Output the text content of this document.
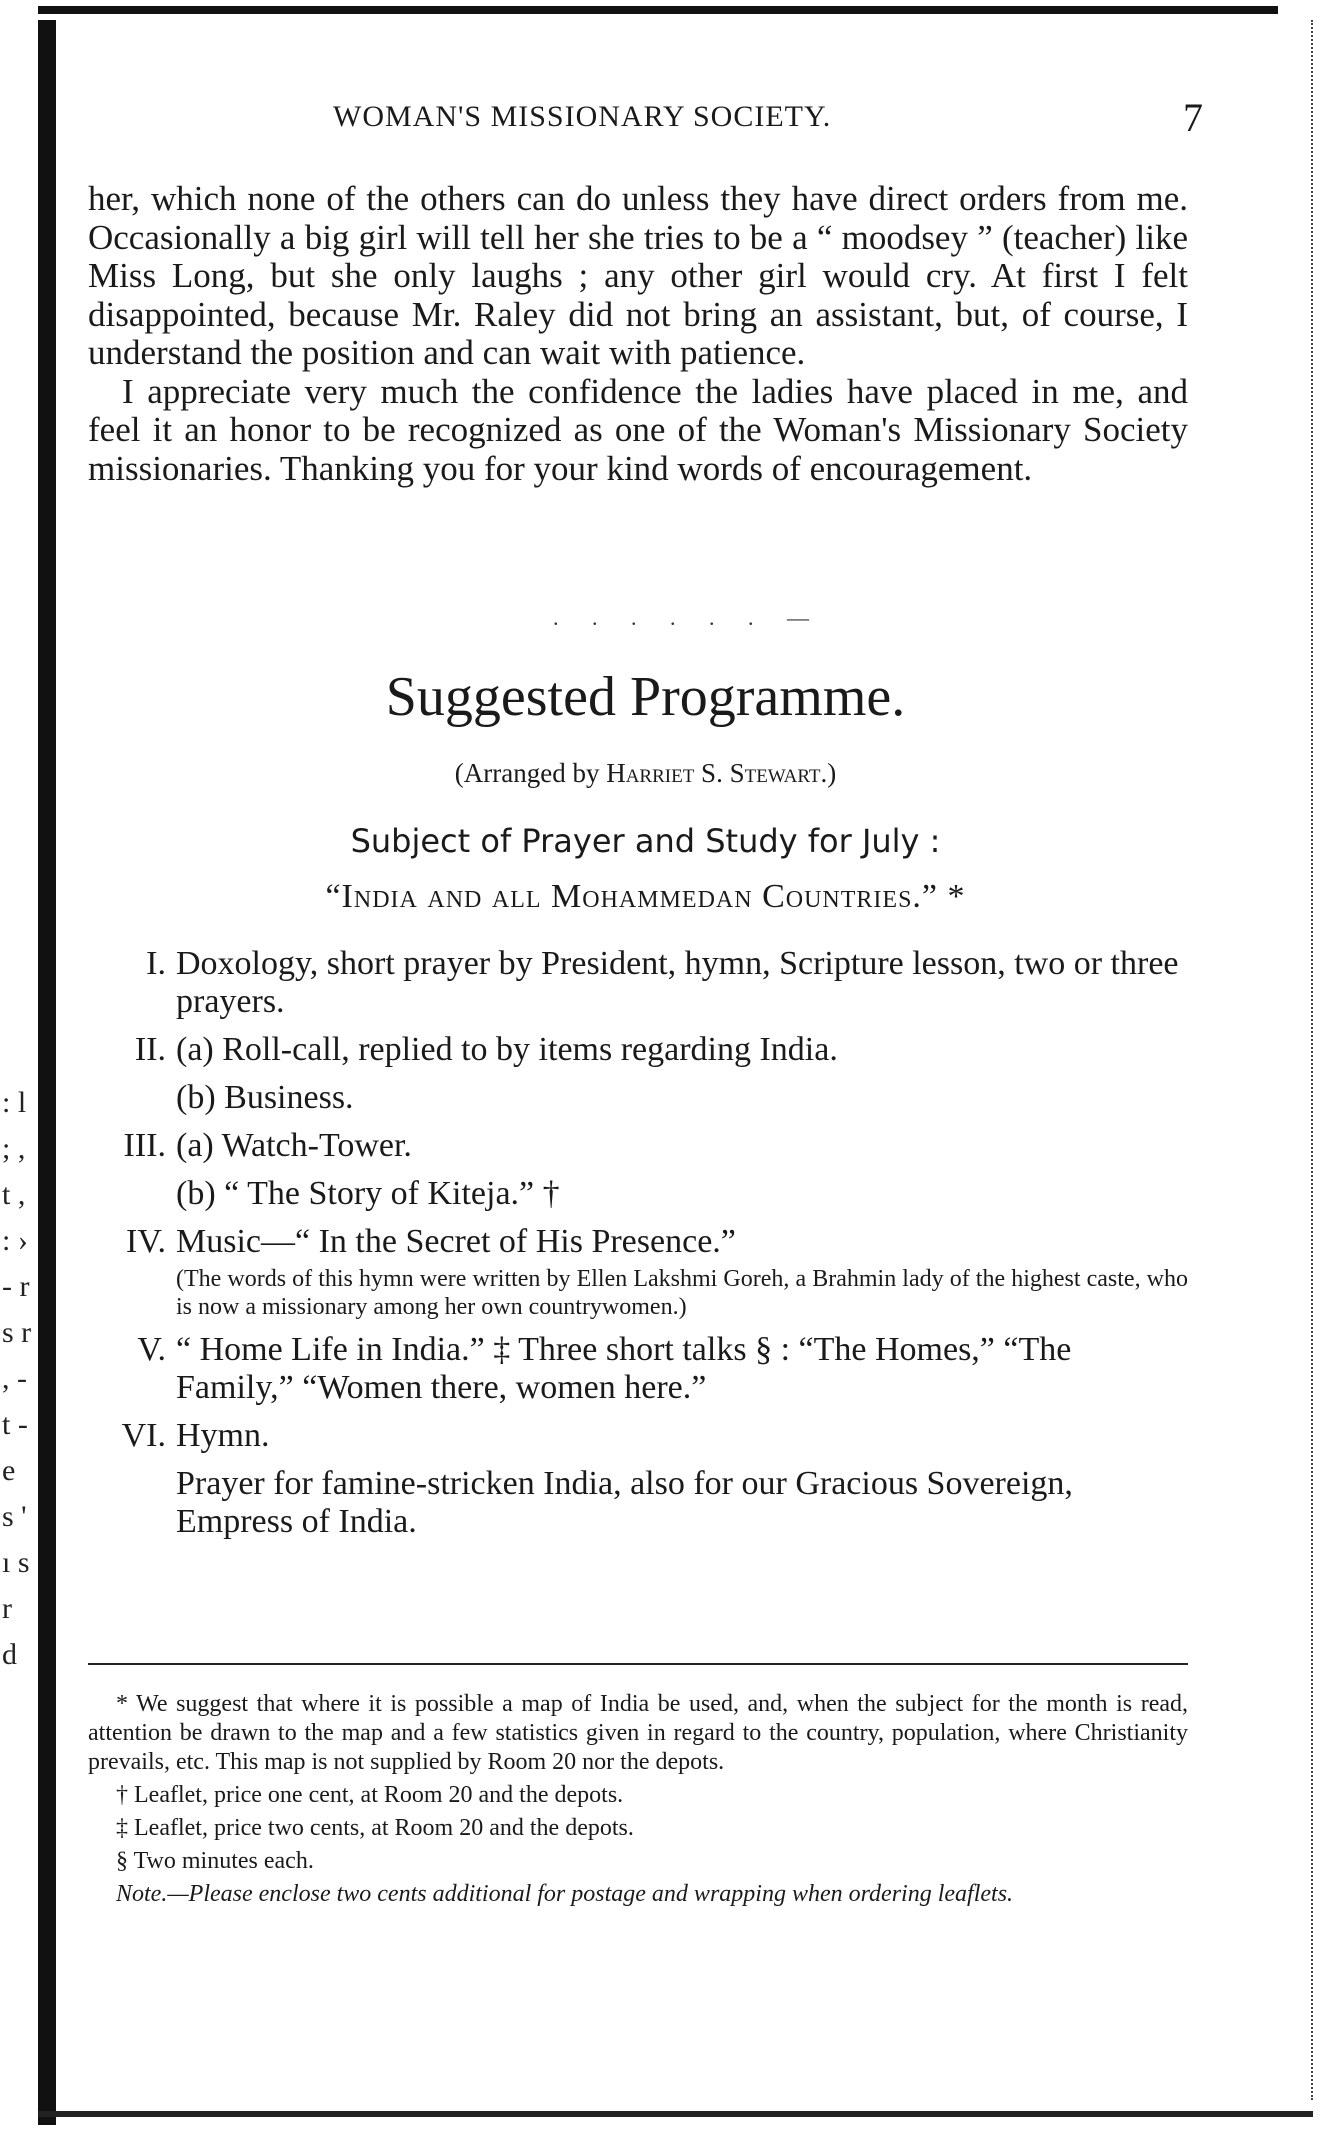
: l ; , t , : › - r s r , - t - e s ' ı s r d
WOMAN'S MISSIONARY SOCIETY.	7

her, which none of the others can do unless they have direct orders from me. Occasionally a big girl will tell her she tries to be a “ moodsey ” (teacher) like Miss Long, but she only laughs ; any other girl would cry. At first I felt disappointed, because Mr. Raley did not bring an assistant, but, of course, I understand the position and can wait with patience.

I appreciate very much the confidence the ladies have placed in me, and feel it an honor to be recognized as one of the Woman's Missionary Society missionaries. Thanking you for your kind words of encouragement.

. . . . . . —
Suggested Programme.
(Arranged by Harriet S. Stewart.)
Subject of Prayer and Study for July :
“India and all Mohammedan Countries.” *
I. Doxology, short prayer by President, hymn, Scripture lesson, two or three prayers.
II. (a) Roll-call, replied to by items regarding India.
(b) Business.
III. (a) Watch-Tower.
(b) “ The Story of Kiteja.” †
IV. Music—“ In the Secret of His Presence.”
(The words of this hymn were written by Ellen Lakshmi Goreh, a Brahmin lady of the highest caste, who is now a missionary among her own countrywomen.)
V. “ Home Life in India.” ‡ Three short talks § : “The Homes,” “The Family,” “Women there, women here.”
VI. Hymn.
Prayer for famine-stricken India, also for our Gracious Sovereign, Empress of India.

* We suggest that where it is possible a map of India be used, and, when the subject for the month is read, attention be drawn to the map and a few statistics given in regard to the country, population, where Christianity prevails, etc. This map is not supplied by Room 20 nor the depots.

† Leaflet, price one cent, at Room 20 and the depots.

‡ Leaflet, price two cents, at Room 20 and the depots.

§ Two minutes each.

Note.—Please enclose two cents additional for postage and wrapping when ordering leaflets.
